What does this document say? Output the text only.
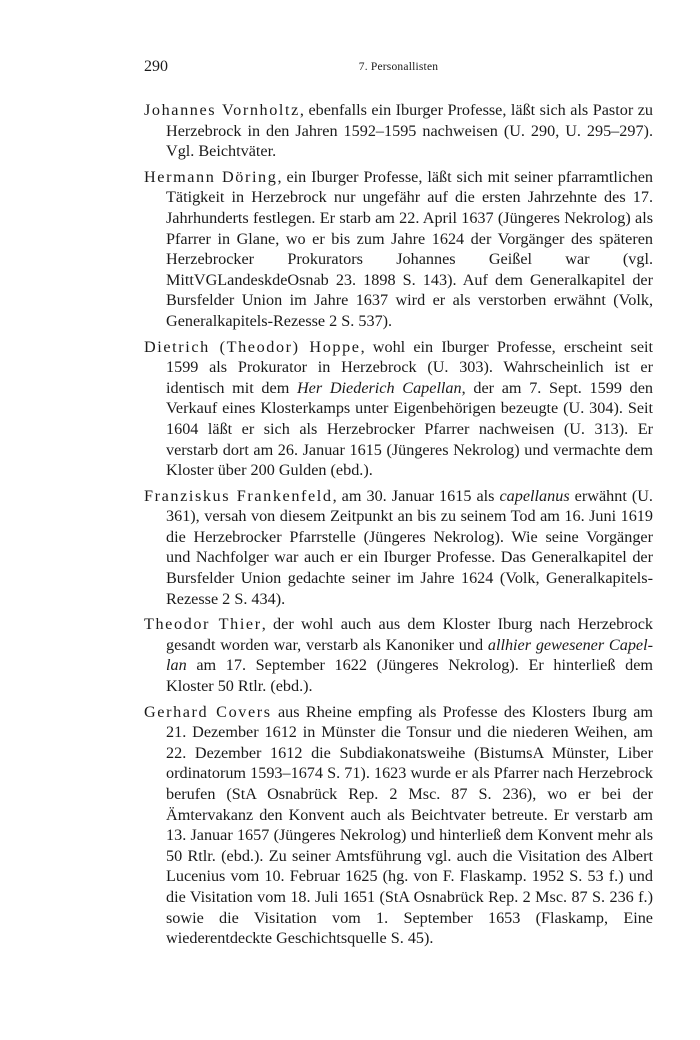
290	7. Personallisten

Johannes Vornholtz, ebenfalls ein Iburger Professe, läßt sich als Pastor zu Herzebrock in den Jahren 1592–1595 nachweisen (U. 290, U. 295–297). Vgl. Beichtväter.

Hermann Döring, ein Iburger Professe, läßt sich mit seiner pfarramtlichen Tätigkeit in Herzebrock nur ungefähr auf die ersten Jahrzehnte des 17. Jahrhunderts festlegen. Er starb am 22. April 1637 (Jüngeres Nekrolog) als Pfarrer in Glane, wo er bis zum Jahre 1624 der Vorgänger des späteren Herzebrocker Prokurators Johannes Geißel war (vgl. MittVGLandeskdeOsnab 23. 1898 S. 143). Auf dem Generalkapitel der Bursfelder Union im Jahre 1637 wird er als verstorben erwähnt (Volk, Generalkapitels-Rezesse 2 S. 537).

Dietrich (Theodor) Hoppe, wohl ein Iburger Professe, erscheint seit 1599 als Prokurator in Herzebrock (U. 303). Wahrscheinlich ist er identisch mit dem Her Diederich Capellan, der am 7. Sept. 1599 den Verkauf eines Klosterkamps unter Eigenbehörigen bezeugte (U. 304). Seit 1604 läßt er sich als Herzebrocker Pfarrer nachweisen (U. 313). Er verstarb dort am 26. Januar 1615 (Jüngeres Nekrolog) und vermachte dem Kloster über 200 Gulden (ebd.).

Franziskus Frankenfeld, am 30. Januar 1615 als capellanus erwähnt (U. 361), versah von diesem Zeitpunkt an bis zu seinem Tod am 16. Juni 1619 die Herzebrocker Pfarrstelle (Jüngeres Nekrolog). Wie seine Vorgänger und Nachfolger war auch er ein Iburger Professe. Das Generalkapitel der Bursfelder Union gedachte seiner im Jahre 1624 (Volk, Generalkapitels-Rezesse 2 S. 434).

Theodor Thier, der wohl auch aus dem Kloster Iburg nach Herzebrock gesandt worden war, verstarb als Kanoniker und allhier gewesener Capellan am 17. September 1622 (Jüngeres Nekrolog). Er hinterließ dem Kloster 50 Rtlr. (ebd.).

Gerhard Covers aus Rheine empfing als Professe des Klosters Iburg am 21. Dezember 1612 in Münster die Tonsur und die niederen Weihen, am 22. Dezember 1612 die Subdiakonatsweihe (BistumsA Münster, Liber ordinatorum 1593–1674 S. 71). 1623 wurde er als Pfarrer nach Herzebrock berufen (StA Osnabrück Rep. 2 Msc. 87 S. 236), wo er bei der Ämtervakanz den Konvent auch als Beichtvater betreute. Er verstarb am 13. Januar 1657 (Jüngeres Nekrolog) und hinterließ dem Konvent mehr als 50 Rtlr. (ebd.). Zu seiner Amtsführung vgl. auch die Visitation des Albert Lucenius vom 10. Februar 1625 (hg. von F. Flaskamp. 1952 S. 53 f.) und die Visitation vom 18. Juli 1651 (StA Osnabrück Rep. 2 Msc. 87 S. 236 f.) sowie die Visitation vom 1. September 1653 (Flaskamp, Eine wiederentdeckte Geschichtsquelle S. 45).
